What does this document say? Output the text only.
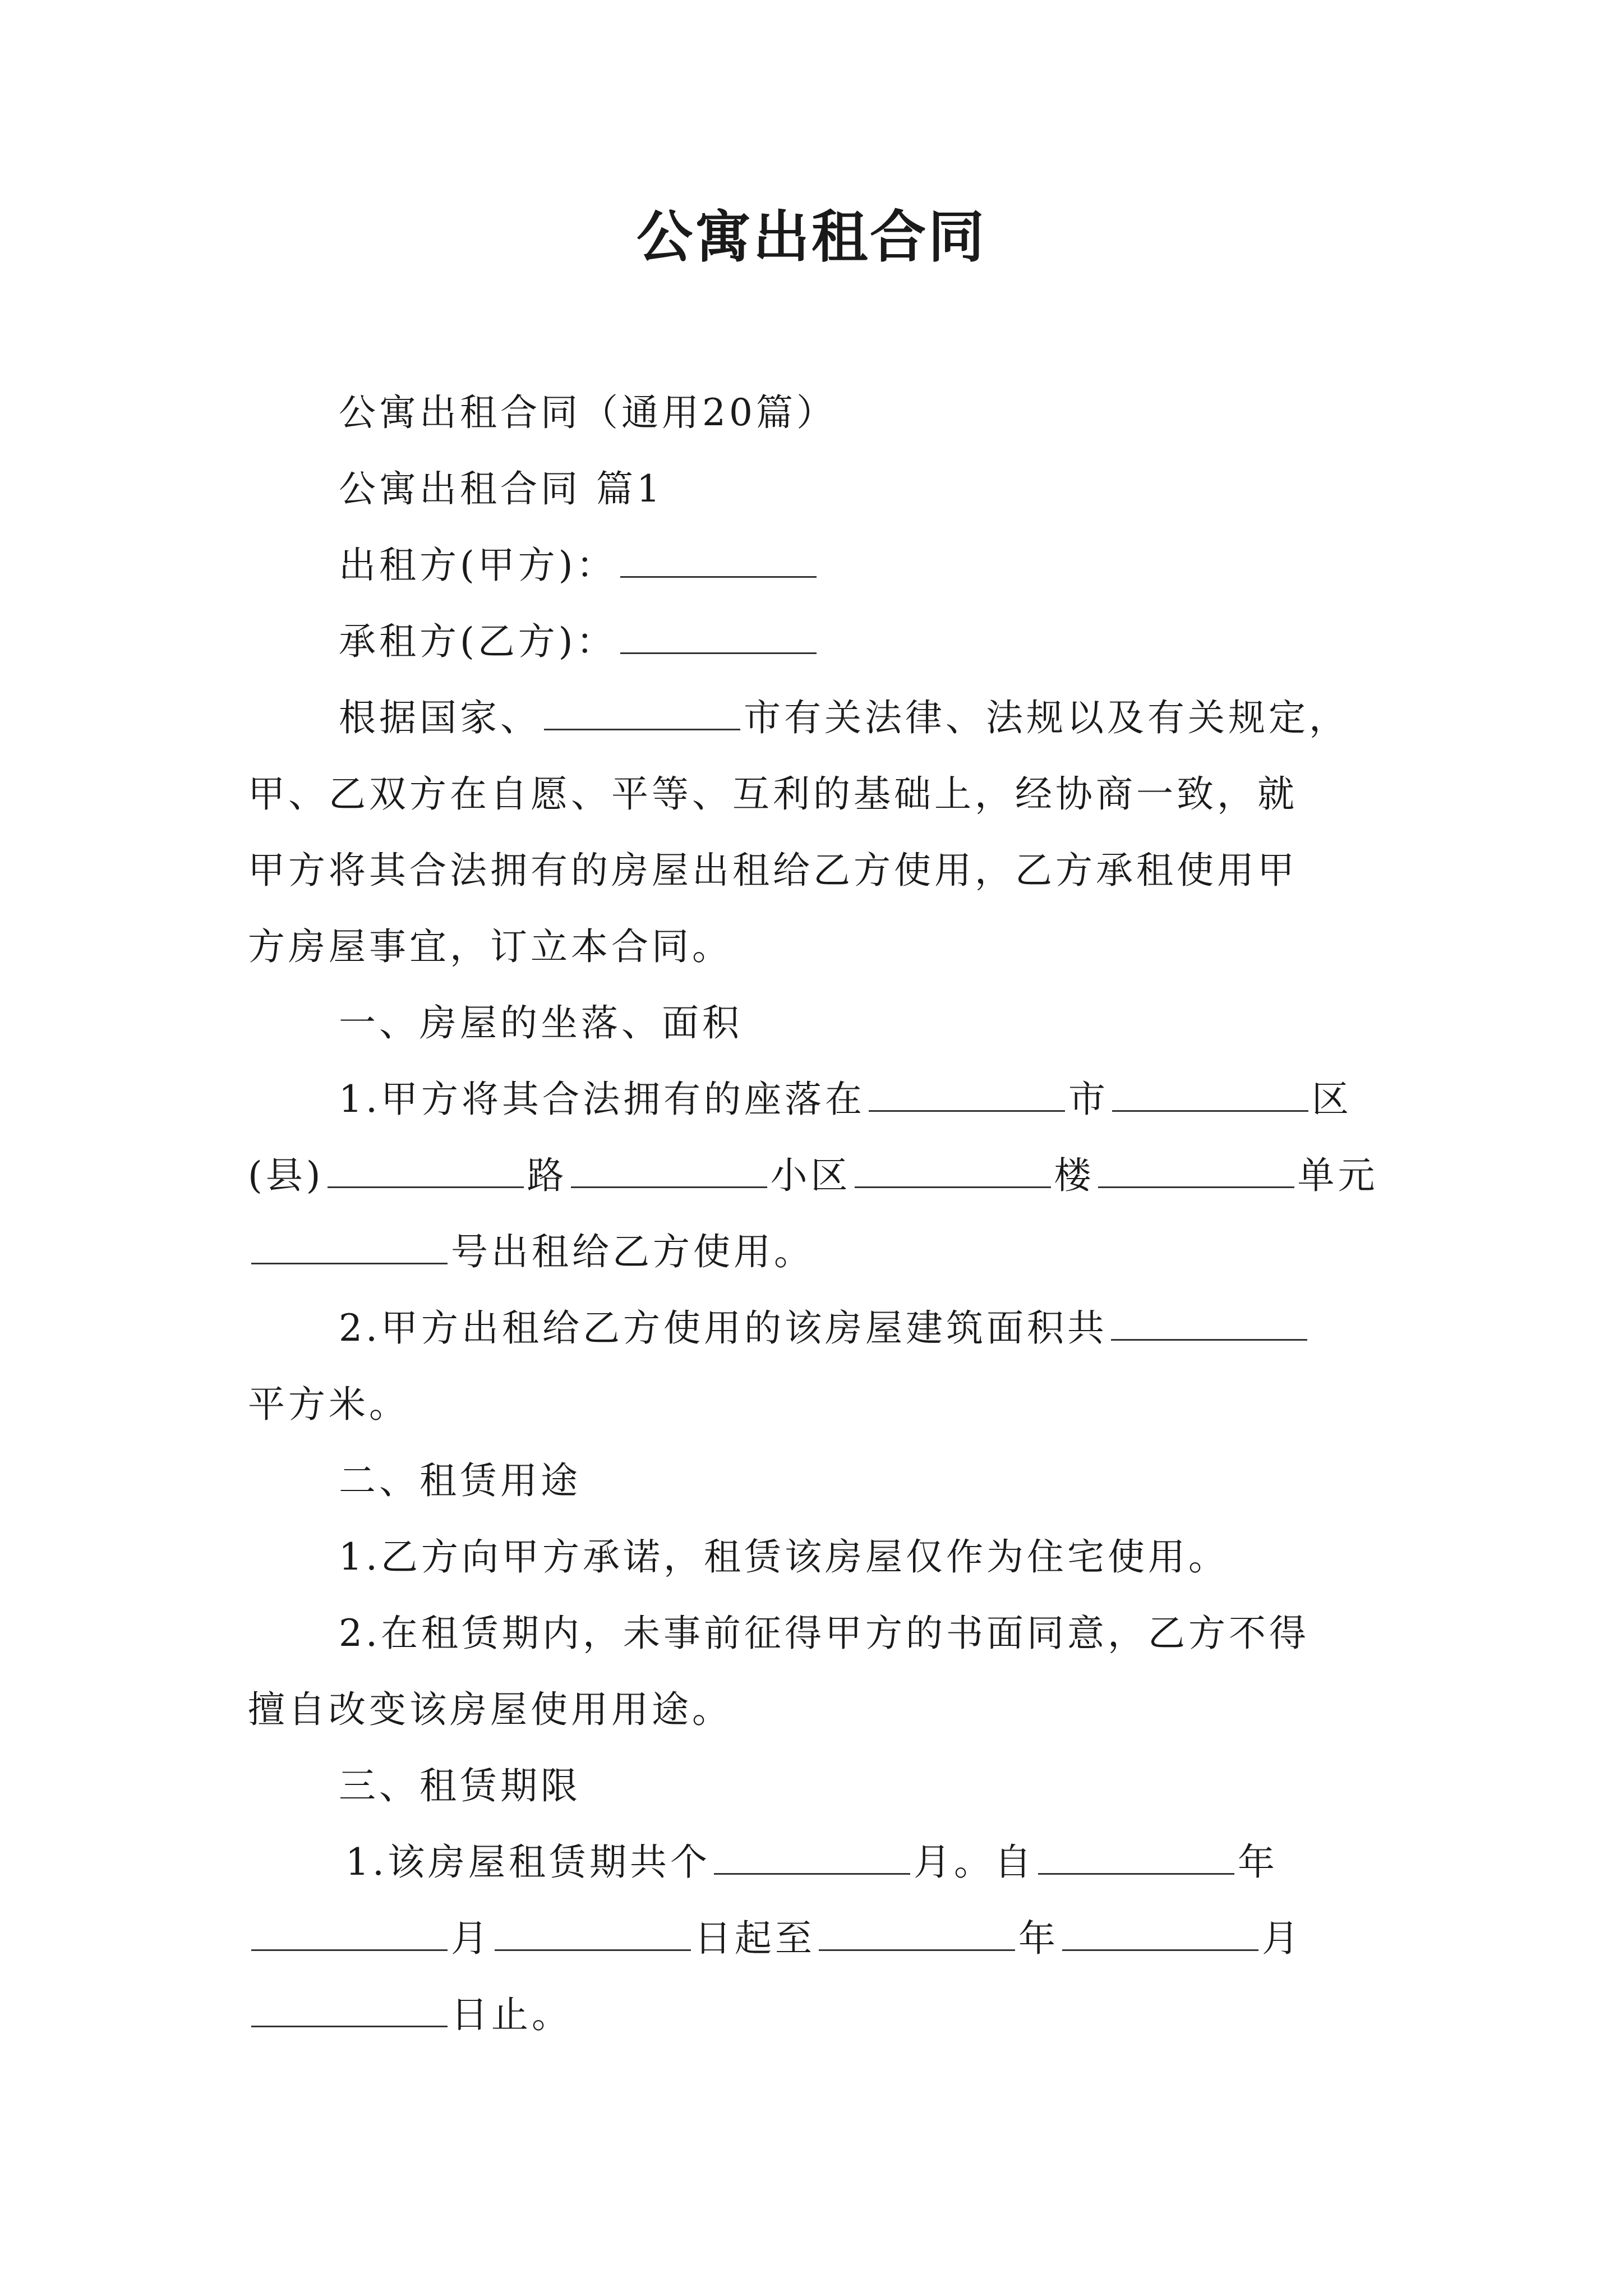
公寓出租合同
公寓出租合同（通用20篇）
公寓出租合同 篇1
出租方(甲方)：
承租方(乙方)：
根据国家、	市有关法律、法规以及有关规定，
甲、乙双方在自愿、平等、互利的基础上，经协商一致，就
甲方将其合法拥有的房屋出租给乙方使用，乙方承租使用甲
方房屋事宜，订立本合同。
一、房屋的坐落、面积
1.甲方将其合法拥有的座落在	市	区
(县)	路	小区	楼	单元
号出租给乙方使用。
2.甲方出租给乙方使用的该房屋建筑面积共
平方米。
二、租赁用途
1.乙方向甲方承诺，租赁该房屋仅作为住宅使用。
2.在租赁期内，未事前征得甲方的书面同意，乙方不得
擅自改变该房屋使用用途。
三、租赁期限
1.该房屋租赁期共个	月。自	年
月	日起至	年	月
日止。
